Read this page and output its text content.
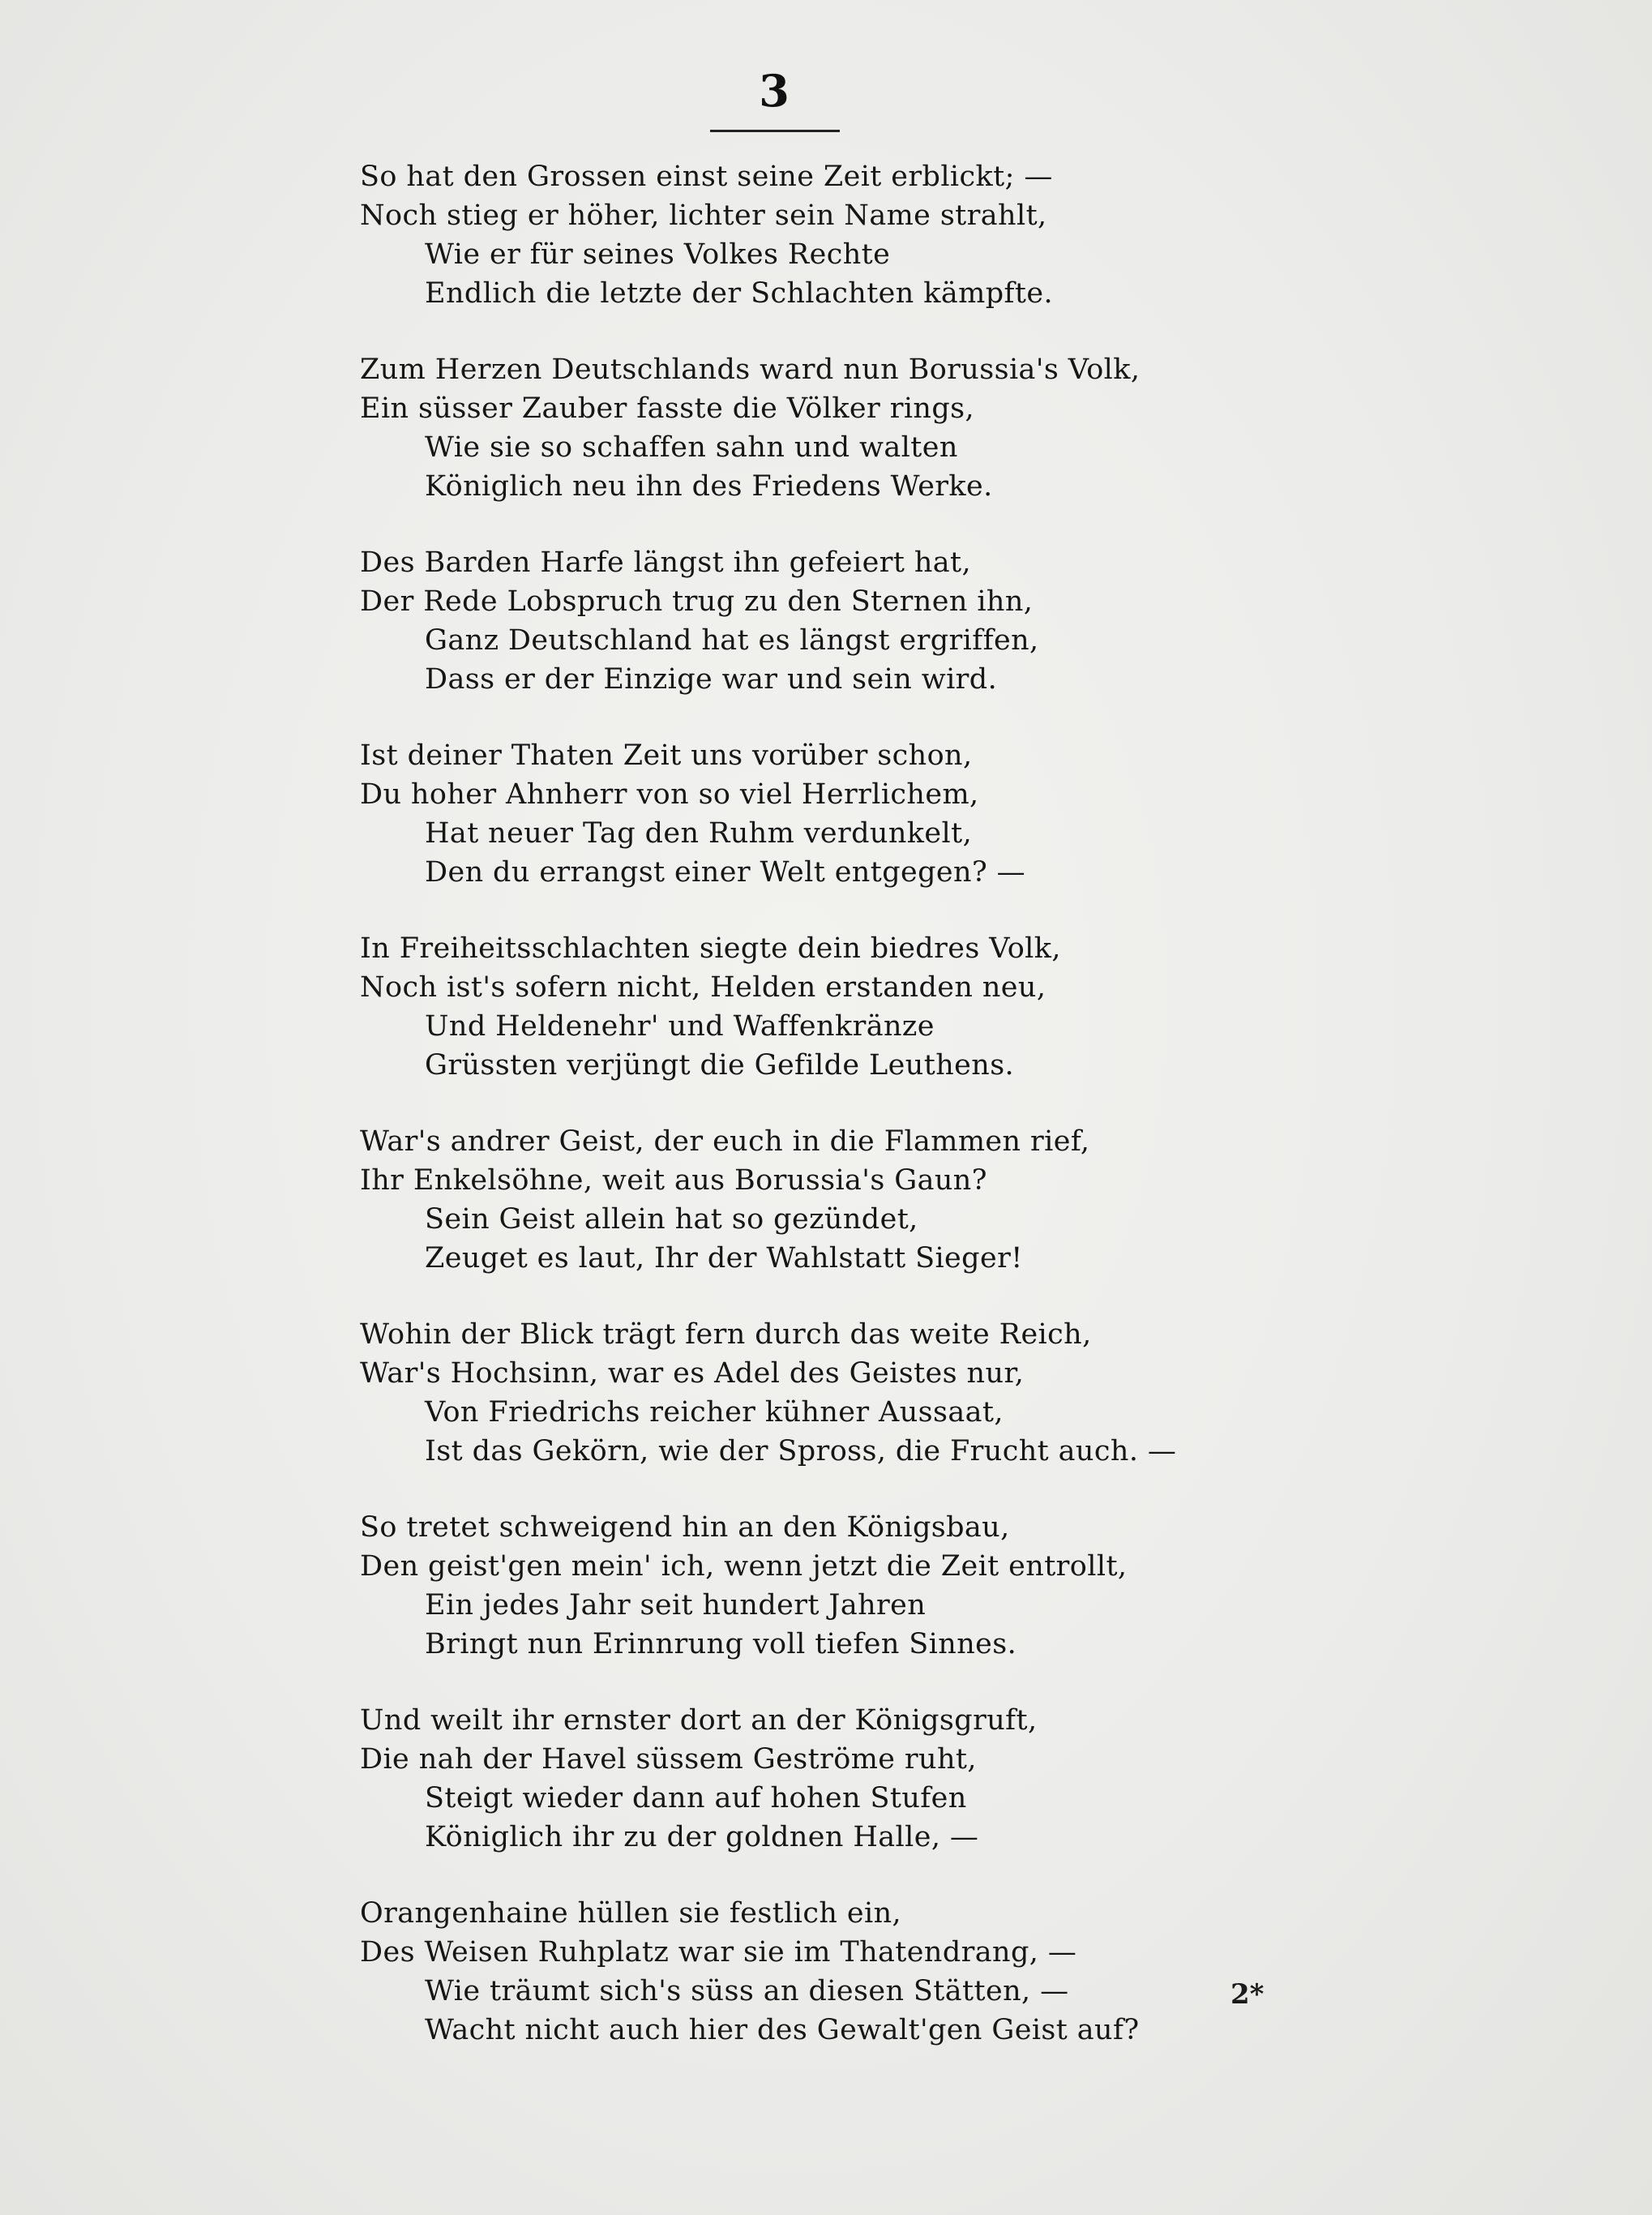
3
So hat den Grossen einst seine Zeit erblickt; —
Noch stieg er höher, lichter sein Name strahlt,
Wie er für seines Volkes Rechte
Endlich die letzte der Schlachten kämpfte.
Zum Herzen Deutschlands ward nun Borussia's Volk,
Ein süsser Zauber fasste die Völker rings,
Wie sie so schaffen sahn und walten
Königlich neu ihn des Friedens Werke.
Des Barden Harfe längst ihn gefeiert hat,
Der Rede Lobspruch trug zu den Sternen ihn,
Ganz Deutschland hat es längst ergriffen,
Dass er der Einzige war und sein wird.
Ist deiner Thaten Zeit uns vorüber schon,
Du hoher Ahnherr von so viel Herrlichem,
Hat neuer Tag den Ruhm verdunkelt,
Den du errangst einer Welt entgegen? —
In Freiheitsschlachten siegte dein biedres Volk,
Noch ist's sofern nicht, Helden erstanden neu,
Und Heldenehr' und Waffenkränze
Grüssten verjüngt die Gefilde Leuthens.
War's andrer Geist, der euch in die Flammen rief,
Ihr Enkelsöhne, weit aus Borussia's Gaun?
Sein Geist allein hat so gezündet,
Zeuget es laut, Ihr der Wahlstatt Sieger!
Wohin der Blick trägt fern durch das weite Reich,
War's Hochsinn, war es Adel des Geistes nur,
Von Friedrichs reicher kühner Aussaat,
Ist das Gekörn, wie der Spross, die Frucht auch. —
So tretet schweigend hin an den Königsbau,
Den geist'gen mein' ich, wenn jetzt die Zeit entrollt,
Ein jedes Jahr seit hundert Jahren
Bringt nun Erinnrung voll tiefen Sinnes.
Und weilt ihr ernster dort an der Königsgruft,
Die nah der Havel süssem Geströme ruht,
Steigt wieder dann auf hohen Stufen
Königlich ihr zu der goldnen Halle, —
Orangenhaine hüllen sie festlich ein,
Des Weisen Ruhplatz war sie im Thatendrang, —
Wie träumt sich's süss an diesen Stätten, —
Wacht nicht auch hier des Gewalt'gen Geist auf?
2*
